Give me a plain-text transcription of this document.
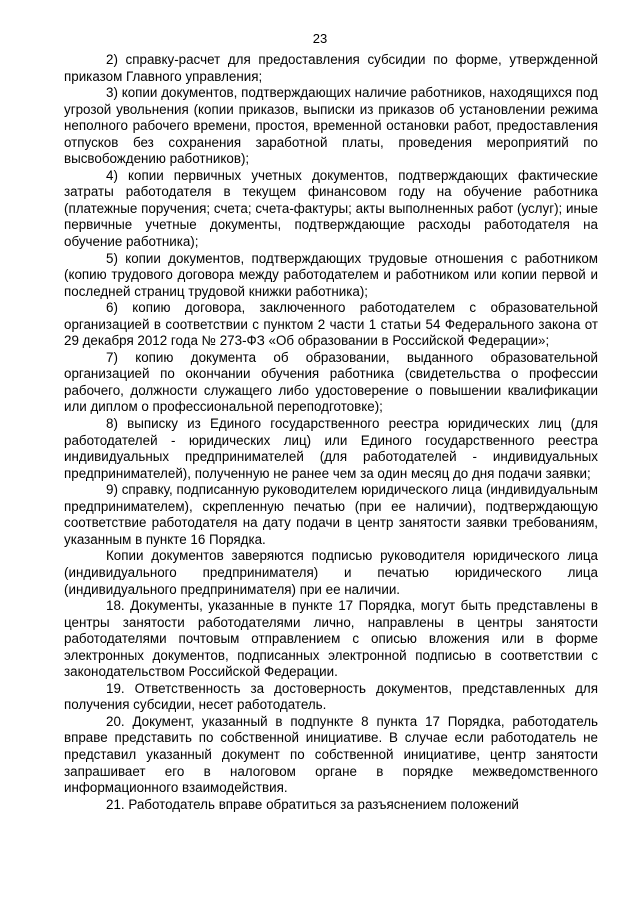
23

2) справку-расчет для предоставления субсидии по форме, утвержденной приказом Главного управления;

3) копии документов, подтверждающих наличие работников, находящихся под угрозой увольнения (копии приказов, выписки из приказов об установлении режима неполного рабочего времени, простоя, временной остановки работ, предоставления отпусков без сохранения заработной платы, проведения мероприятий по высвобождению работников);

4) копии первичных учетных документов, подтверждающих фактические затраты работодателя в текущем финансовом году на обучение работника (платежные поручения; счета; счета-фактуры; акты выполненных работ (услуг); иные первичные учетные документы, подтверждающие расходы работодателя на обучение работника);

5) копии документов, подтверждающих трудовые отношения с работником (копию трудового договора между работодателем и работником или копии первой и последней страниц трудовой книжки работника);

6) копию договора, заключенного работодателем с образовательной организацией в соответствии с пунктом 2 части 1 статьи 54 Федерального закона от 29 декабря 2012 года № 273-ФЗ «Об образовании в Российской Федерации»;

7) копию документа об образовании, выданного образовательной организацией по окончании обучения работника (свидетельства о профессии рабочего, должности служащего либо удостоверение о повышении квалификации или диплом о профессиональной переподготовке);

8) выписку из Единого государственного реестра юридических лиц (для работодателей - юридических лиц) или Единого государственного реестра индивидуальных предпринимателей (для работодателей - индивидуальных предпринимателей), полученную не ранее чем за один месяц до дня подачи заявки;

9) справку, подписанную руководителем юридического лица (индивидуальным предпринимателем), скрепленную печатью (при ее наличии), подтверждающую соответствие работодателя на дату подачи в центр занятости заявки требованиям, указанным в пункте 16 Порядка.

Копии документов заверяются подписью руководителя юридического лица (индивидуального предпринимателя) и печатью юридического лица (индивидуального предпринимателя) при ее наличии.

18. Документы, указанные в пункте 17 Порядка, могут быть представлены в центры занятости работодателями лично, направлены в центры занятости работодателями почтовым отправлением с описью вложения или в форме электронных документов, подписанных электронной подписью в соответствии с законодательством Российской Федерации.

19. Ответственность за достоверность документов, представленных для получения субсидии, несет работодатель.

20. Документ, указанный в подпункте 8 пункта 17 Порядка, работодатель вправе представить по собственной инициативе. В случае если работодатель не представил указанный документ по собственной инициативе, центр занятости запрашивает его в налоговом органе в порядке межведомственного информационного взаимодействия.

21. Работодатель вправе обратиться за разъяснением положений
